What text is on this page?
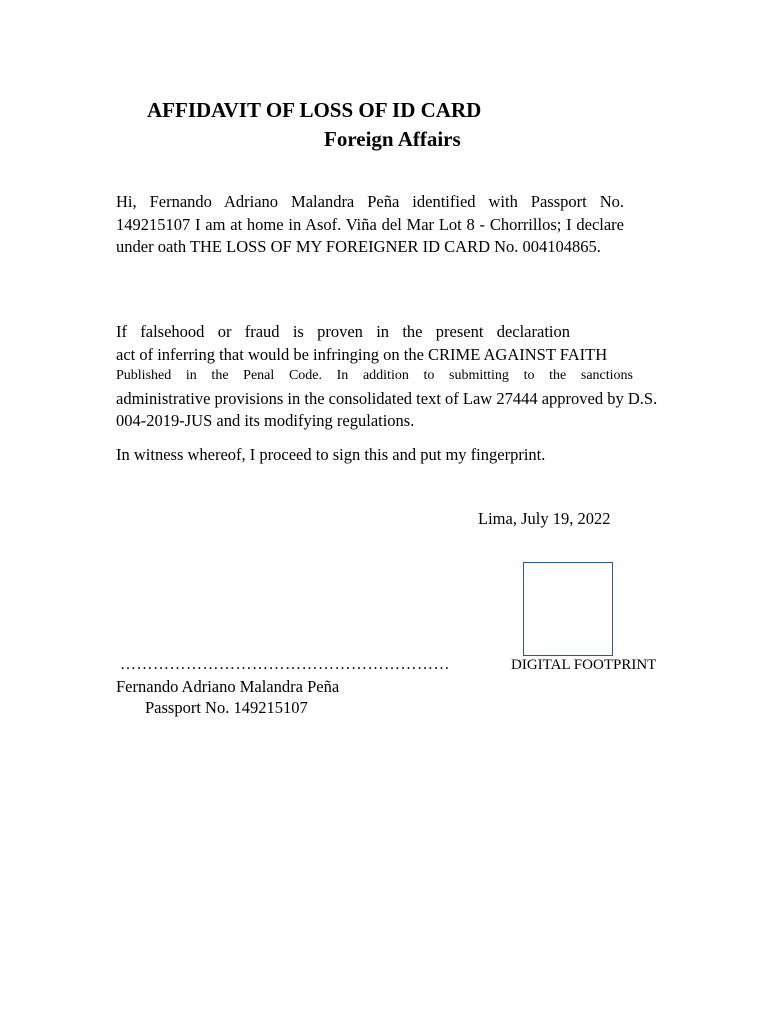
AFFIDAVIT OF LOSS OF ID CARD
Foreign Affairs
Hi, Fernando Adriano Malandra Peña identified with Passport No. 149215107 I am at home in Asof. Viña del Mar Lot 8 - Chorrillos; I declare under oath THE LOSS OF MY FOREIGNER ID CARD No. 004104865.
If falsehood or fraud is proven in the present declaration
act of inferring that would be infringing on the CRIME AGAINST FAITH
Published in the Penal Code. In addition to submitting to the sanctions
administrative provisions in the consolidated text of Law 27444 approved by D.S.
004-2019-JUS and its modifying regulations.
In witness whereof, I proceed to sign this and put my fingerprint.
Lima, July 19, 2022
……………………………………………………	DIGITAL FOOTPRINT
Fernando Adriano Malandra Peña
Passport No. 149215107
